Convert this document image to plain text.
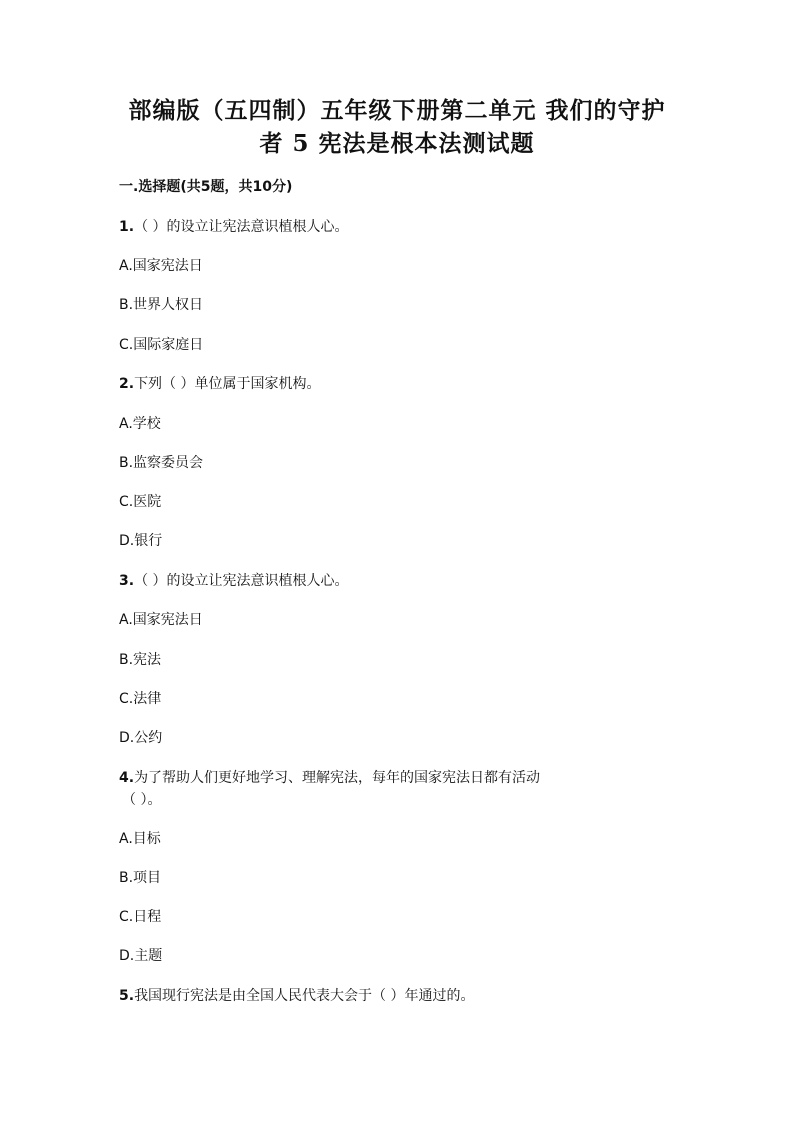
部编版（五四制）五年级下册第二单元 我们的守护
者 5 宪法是根本法测试题
一.选择题(共5题，共10分)
1.（ ）的设立让宪法意识植根人心。
A.国家宪法日
B.世界人权日
C.国际家庭日
2.下列（ ）单位属于国家机构。
A.学校
B.监察委员会
C.医院
D.银行
3.（ ）的设立让宪法意识植根人心。
A.国家宪法日
B.宪法
C.法律
D.公约
4.为了帮助人们更好地学习、理解宪法，每年的国家宪法日都有活动
（ ）。
A.目标
B.项目
C.日程
D.主题
5.我国现行宪法是由全国人民代表大会于（ ）年通过的。
